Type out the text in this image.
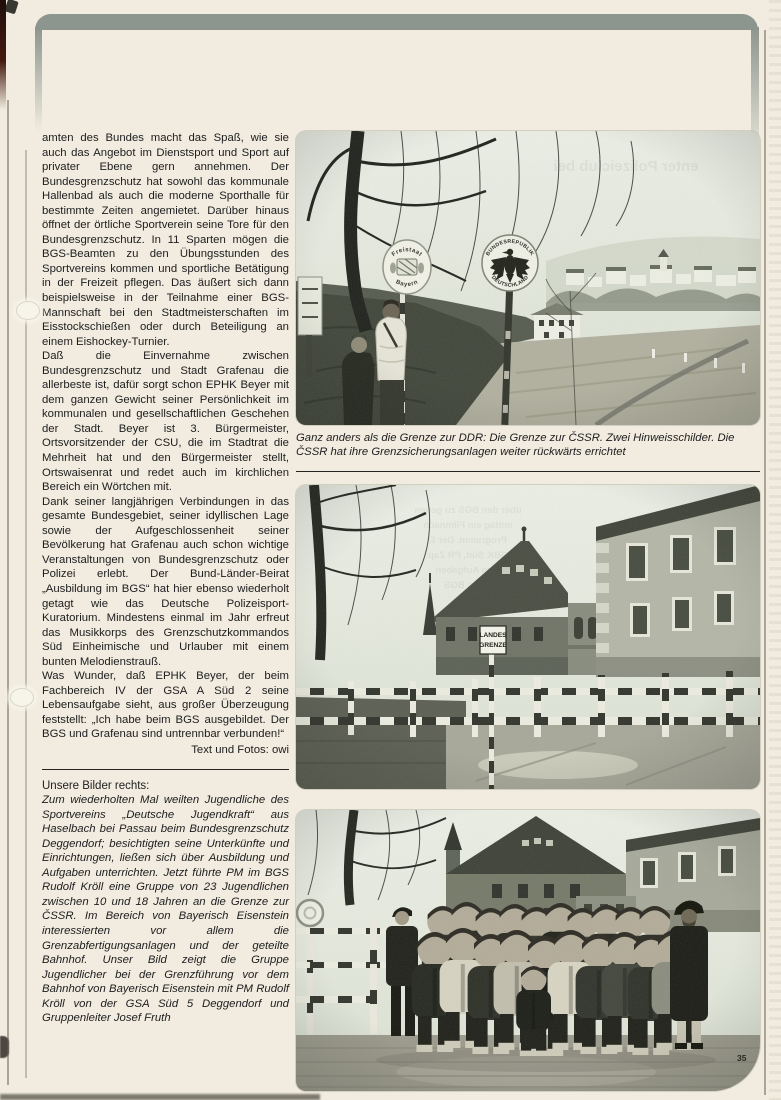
amten des Bundes macht das Spaß, wie sie auch das Angebot im Dienstsport und Sport auf privater Ebene gern annehmen. Der Bundesgrenzschutz hat sowohl das kommunale Hallenbad als auch die moderne Sporthalle für bestimmte Zeiten angemietet. Darüber hinaus öffnet der örtliche Sportverein seine Tore für den Bundesgrenzschutz. In 11 Sparten mögen die BGS-Beamten zu den Übungsstunden des Sportvereins kommen und sportliche Betätigung in der Freizeit pflegen. Das äußert sich dann beispielsweise in der Teilnahme einer BGS-Mannschaft bei den Stadtmeisterschaften im Eisstockschießen oder durch Beteiligung an einem Eishockey-Turnier.

Daß die Einvernahme zwischen Bundesgrenzschutz und Stadt Grafenau die allerbeste ist, dafür sorgt schon EPHK Beyer mit dem ganzen Gewicht seiner Persönlichkeit im kommunalen und gesellschaftlichen Geschehen der Stadt. Beyer ist 3. Bürgermeister, Ortsvorsitzender der CSU, die im Stadtrat die Mehrheit hat und den Bürgermeister stellt, Ortswaisenrat und redet auch im kirchlichen Bereich ein Wörtchen mit.

Dank seiner langjährigen Verbindungen in das gesamte Bundesgebiet, seiner idyllischen Lage sowie der Aufgeschlossenheit seiner Bevölkerung hat Grafenau auch schon wichtige Veranstaltungen von Bundesgrenzschutz oder Polizei erlebt. Der Bund-Länder-Beirat „Ausbildung im BGS“ hat hier ebenso wiederholt getagt wie das Deutsche Polizeisport-Kuratorium. Mindestens einmal im Jahr erfreut das Musikkorps des Grenzschutzkommandos Süd Einheimische und Urlauber mit einem bunten Melodienstrauß.

Was Wunder, daß EPHK Beyer, der beim Fachbereich IV der GSA A Süd 2 seine Lebensaufgabe sieht, aus großer Überzeugung feststellt: „Ich habe beim BGS ausgebildet. Der BGS und Grafenau sind untrennbar verbunden!“

Text und Fotos: owi

Unsere Bilder rechts:

Zum wiederholten Mal weilten Jugendliche des Sportvereins „Deutsche Jugendkraft“ aus Haselbach bei Passau beim Bundesgrenzschutz Deggendorf; besichtigten seine Unterkünfte und Einrichtungen, ließen sich über Ausbildung und Aufgaben unterrichten. Jetzt führte PM im BGS Rudolf Kröll eine Gruppe von 23 Jugendlichen zwischen 10 und 18 Jahren an die Grenze zur ČSSR. Im Bereich von Bayerisch Eisenstein interessierten vor allem die Grenzabfertigungsanlagen und der geteilte Bahnhof. Unser Bild zeigt die Gruppe Jugendlicher bei der Grenzführung vor dem Bahnhof von Bayerisch Eisenstein mit PM Rudolf Kröll von der GSA Süd 5 Deggendorf und Gruppenleiter Josef Fruth

Ganz anders als die Grenze zur DDR: Die Grenze zur ČSSR. Zwei Hinweisschilder. Die ČSSR hat ihre Grenzsicherungsanlagen weiter rückwärts errichtet
35
